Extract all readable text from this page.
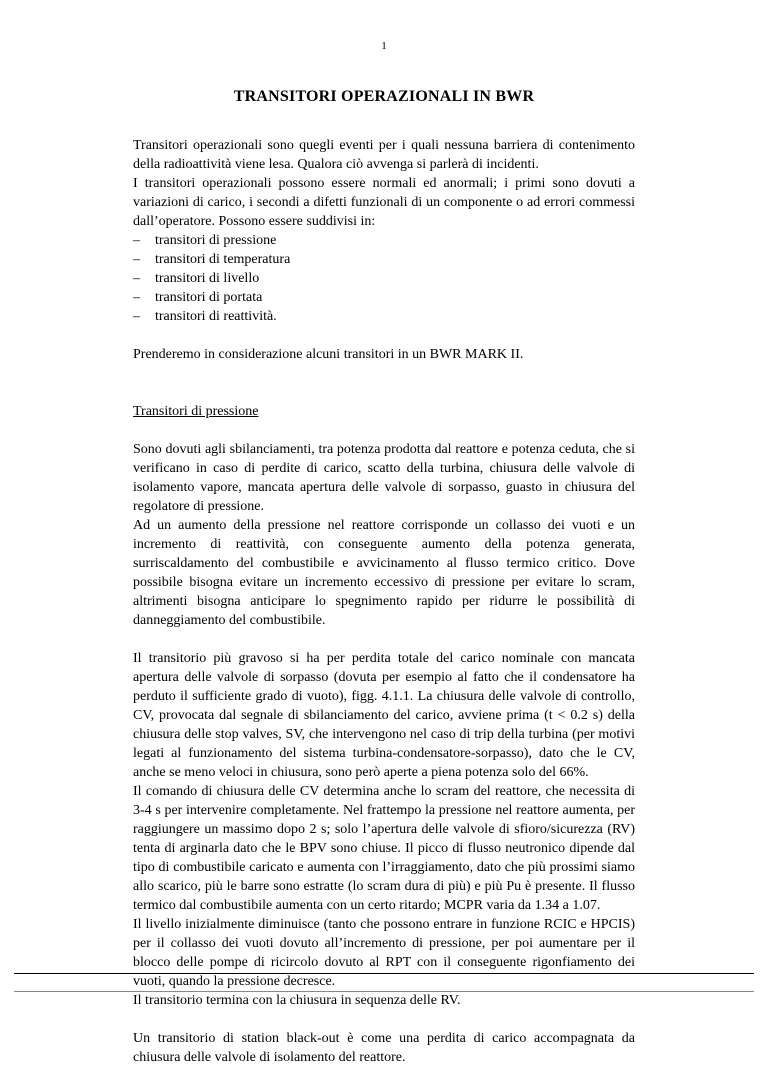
1
TRANSITORI OPERAZIONALI IN BWR

Transitori operazionali sono quegli eventi per i quali nessuna barriera di contenimento della radioattività viene lesa. Qualora ciò avvenga si parlerà di incidenti.

I transitori operazionali possono essere normali ed anormali; i primi sono dovuti a variazioni di carico, i secondi a difetti funzionali di un componente o ad errori commessi dall’operatore. Possono essere suddivisi in:

– transitori di pressione
– transitori di temperatura
– transitori di livello
– transitori di portata
– transitori di reattività.

Prenderemo in considerazione alcuni transitori in un BWR MARK II.

Transitori di pressione

Sono dovuti agli sbilanciamenti, tra potenza prodotta dal reattore e potenza ceduta, che si verificano in caso di perdite di carico, scatto della turbina, chiusura delle valvole di isolamento vapore, mancata apertura delle valvole di sorpasso, guasto in chiusura del regolatore di pressione.

Ad un aumento della pressione nel reattore corrisponde un collasso dei vuoti e un incremento di reattività, con conseguente aumento della potenza generata, surriscaldamento del combustibile e avvicinamento al flusso termico critico. Dove possibile bisogna evitare un incremento eccessivo di pressione per evitare lo scram, altrimenti bisogna anticipare lo spegnimento rapido per ridurre le possibilità di danneggiamento del combustibile.

Il transitorio più gravoso si ha per perdita totale del carico nominale con mancata apertura delle valvole di sorpasso (dovuta per esempio al fatto che il condensatore ha perduto il sufficiente grado di vuoto), figg. 4.1.1. La chiusura delle valvole di controllo, CV, provocata dal segnale di sbilanciamento del carico, avviene prima (t < 0.2 s) della chiusura delle stop valves, SV, che intervengono nel caso di trip della turbina (per motivi legati al funzionamento del sistema turbina-condensatore-sorpasso), dato che le CV, anche se meno veloci in chiusura, sono però aperte a piena potenza solo del 66%.

Il comando di chiusura delle CV determina anche lo scram del reattore, che necessita di 3-4 s per intervenire completamente. Nel frattempo la pressione nel reattore aumenta, per raggiungere un massimo dopo 2 s; solo l’apertura delle valvole di sfioro/sicurezza (RV) tenta di arginarla dato che le BPV sono chiuse. Il picco di flusso neutronico dipende dal tipo di combustibile caricato e aumenta con l’irraggiamento, dato che più prossimi siamo allo scarico, più le barre sono estratte (lo scram dura di più) e più Pu è presente. Il flusso termico dal combustibile aumenta con un certo ritardo; MCPR varia da 1.34 a 1.07.

Il livello inizialmente diminuisce (tanto che possono entrare in funzione RCIC e HPCIS) per il collasso dei vuoti dovuto all’incremento di pressione, per poi aumentare per il blocco delle pompe di ricircolo dovuto al RPT con il conseguente rigonfiamento dei vuoti, quando la pressione decresce.

Il transitorio termina con la chiusura in sequenza delle RV.

Un transitorio di station black-out è come una perdita di carico accompagnata da chiusura delle valvole di isolamento del reattore.
